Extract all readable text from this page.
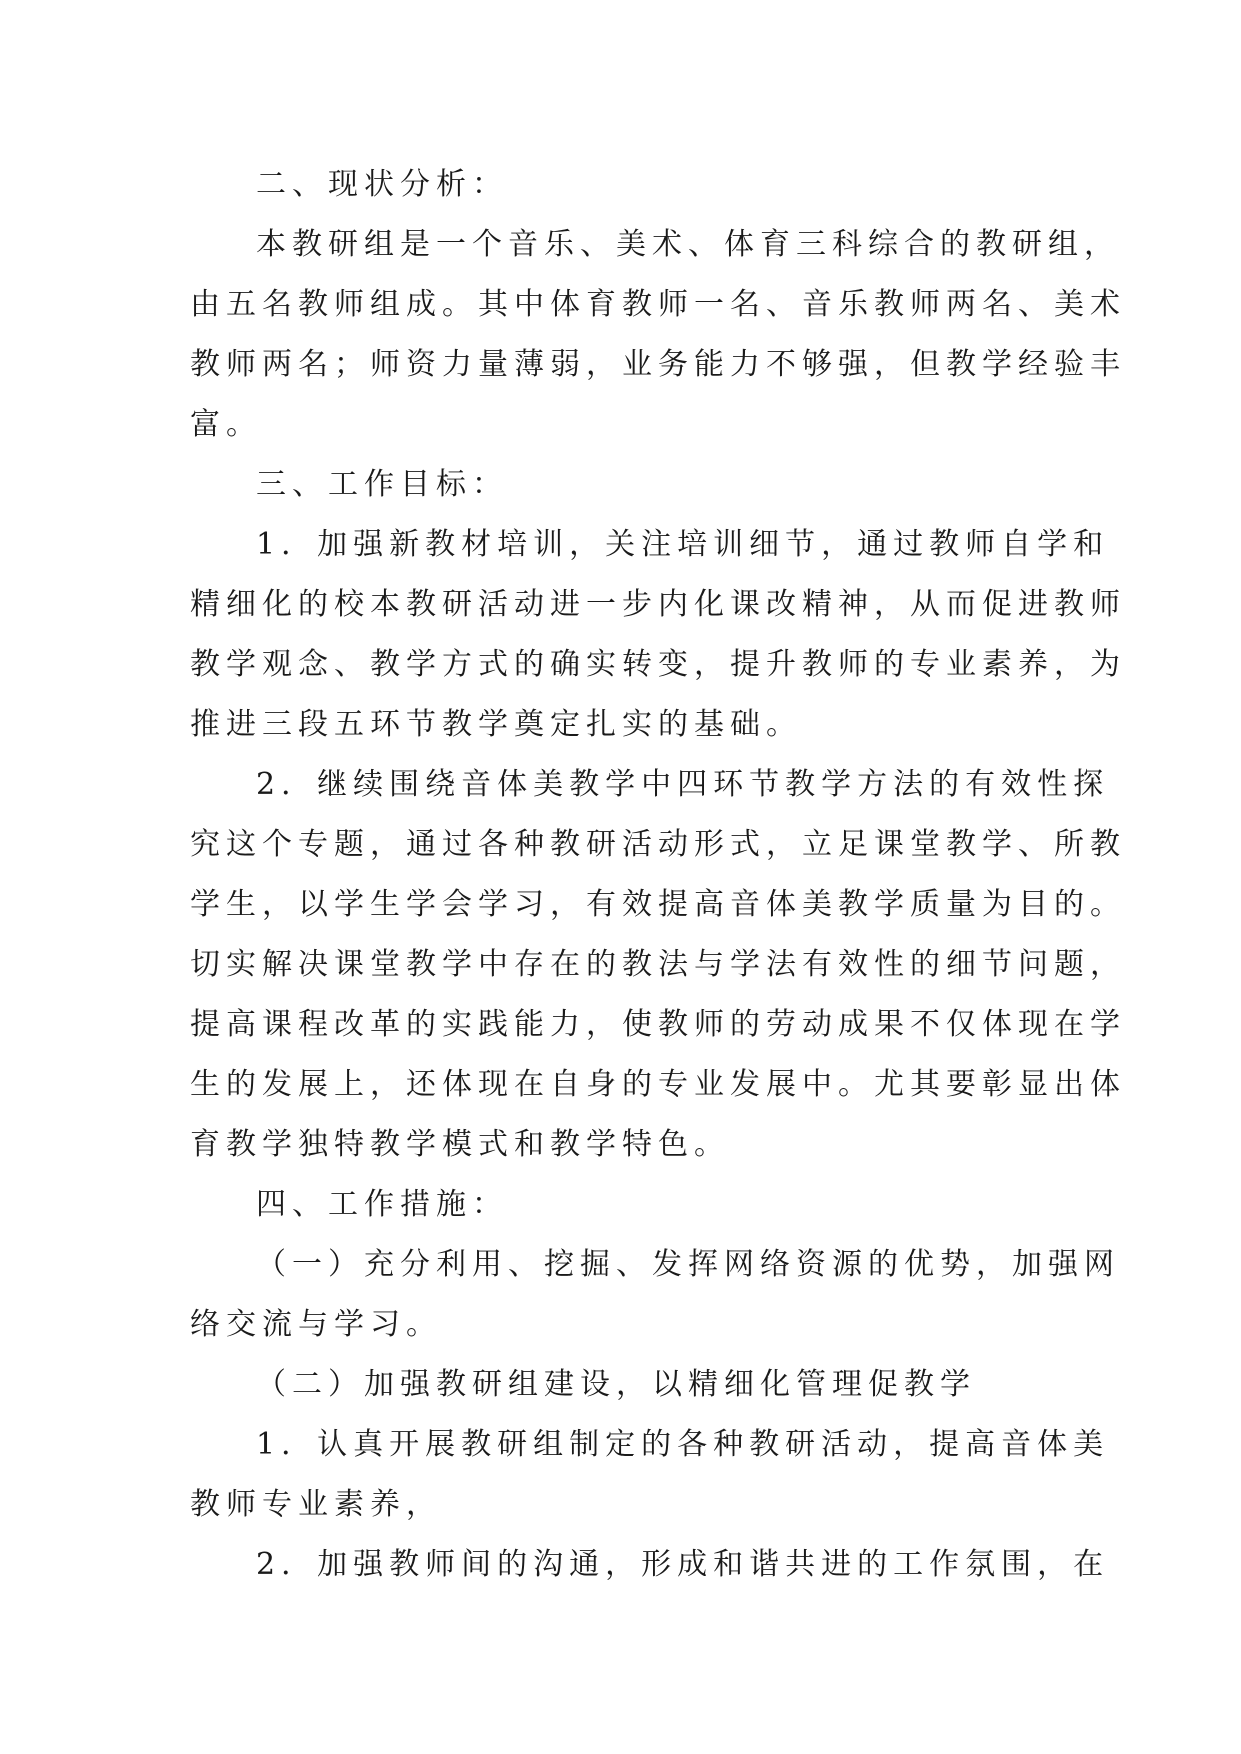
二、现状分析：

本教研组是一个音乐、美术、体育三科综合的教研组，
由五名教师组成。其中体育教师一名、音乐教师两名、美术
教师两名；师资力量薄弱，业务能力不够强，但教学经验丰
富。

三、工作目标：

1．加强新教材培训，关注培训细节，通过教师自学和
精细化的校本教研活动进一步内化课改精神，从而促进教师
教学观念、教学方式的确实转变，提升教师的专业素养，为
推进三段五环节教学奠定扎实的基础。

2．继续围绕音体美教学中四环节教学方法的有效性探
究这个专题，通过各种教研活动形式，立足课堂教学、所教
学生，以学生学会学习，有效提高音体美教学质量为目的。
切实解决课堂教学中存在的教法与学法有效性的细节问题，
提高课程改革的实践能力，使教师的劳动成果不仅体现在学
生的发展上，还体现在自身的专业发展中。尤其要彰显出体
育教学独特教学模式和教学特色。

四、工作措施：

（一）充分利用、挖掘、发挥网络资源的优势，加强网
络交流与学习。

（二）加强教研组建设，以精细化管理促教学

1．认真开展教研组制定的各种教研活动，提高音体美
教师专业素养，

2．加强教师间的沟通，形成和谐共进的工作氛围，在
